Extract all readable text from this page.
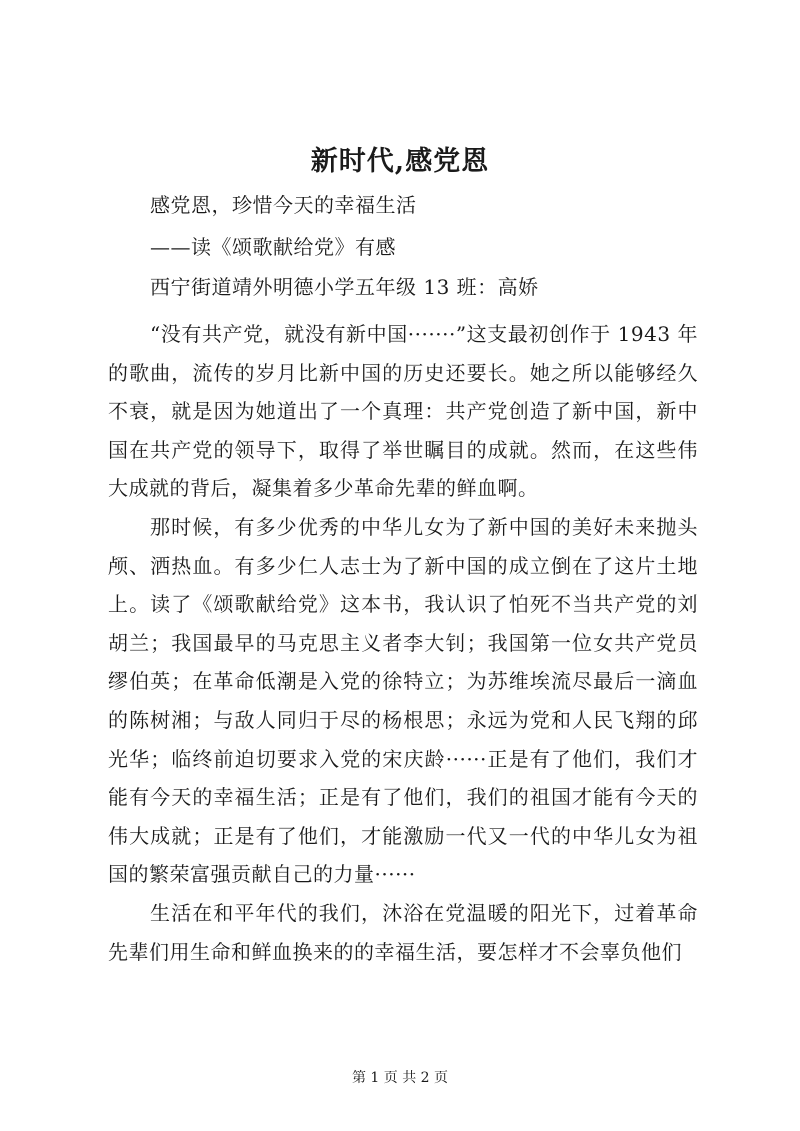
新时代,感党恩

感党恩，珍惜今天的幸福生活

——读《颂歌献给党》有感

西宁街道靖外明德小学五年级 13 班：高娇

“没有共产党，就没有新中国·······”这支最初创作于 1943 年的歌曲，流传的岁月比新中国的历史还要长。她之所以能够经久不衰，就是因为她道出了一个真理：共产党创造了新中国，新中国在共产党的领导下，取得了举世瞩目的成就。然而，在这些伟大成就的背后，凝集着多少革命先辈的鲜血啊。

那时候，有多少优秀的中华儿女为了新中国的美好未来抛头颅、洒热血。有多少仁人志士为了新中国的成立倒在了这片土地上。读了《颂歌献给党》这本书，我认识了怕死不当共产党的刘胡兰；我国最早的马克思主义者李大钊；我国第一位女共产党员缪伯英；在革命低潮是入党的徐特立；为苏维埃流尽最后一滴血的陈树湘；与敌人同归于尽的杨根思；永远为党和人民飞翔的邱光华；临终前迫切要求入党的宋庆龄······正是有了他们，我们才能有今天的幸福生活；正是有了他们，我们的祖国才能有今天的伟大成就；正是有了他们，才能激励一代又一代的中华儿女为祖国的繁荣富强贡献自己的力量······

生活在和平年代的我们，沐浴在党温暖的阳光下，过着革命先辈们用生命和鲜血换来的的幸福生活，要怎样才不会辜负他们

第 1 页 共 2 页
